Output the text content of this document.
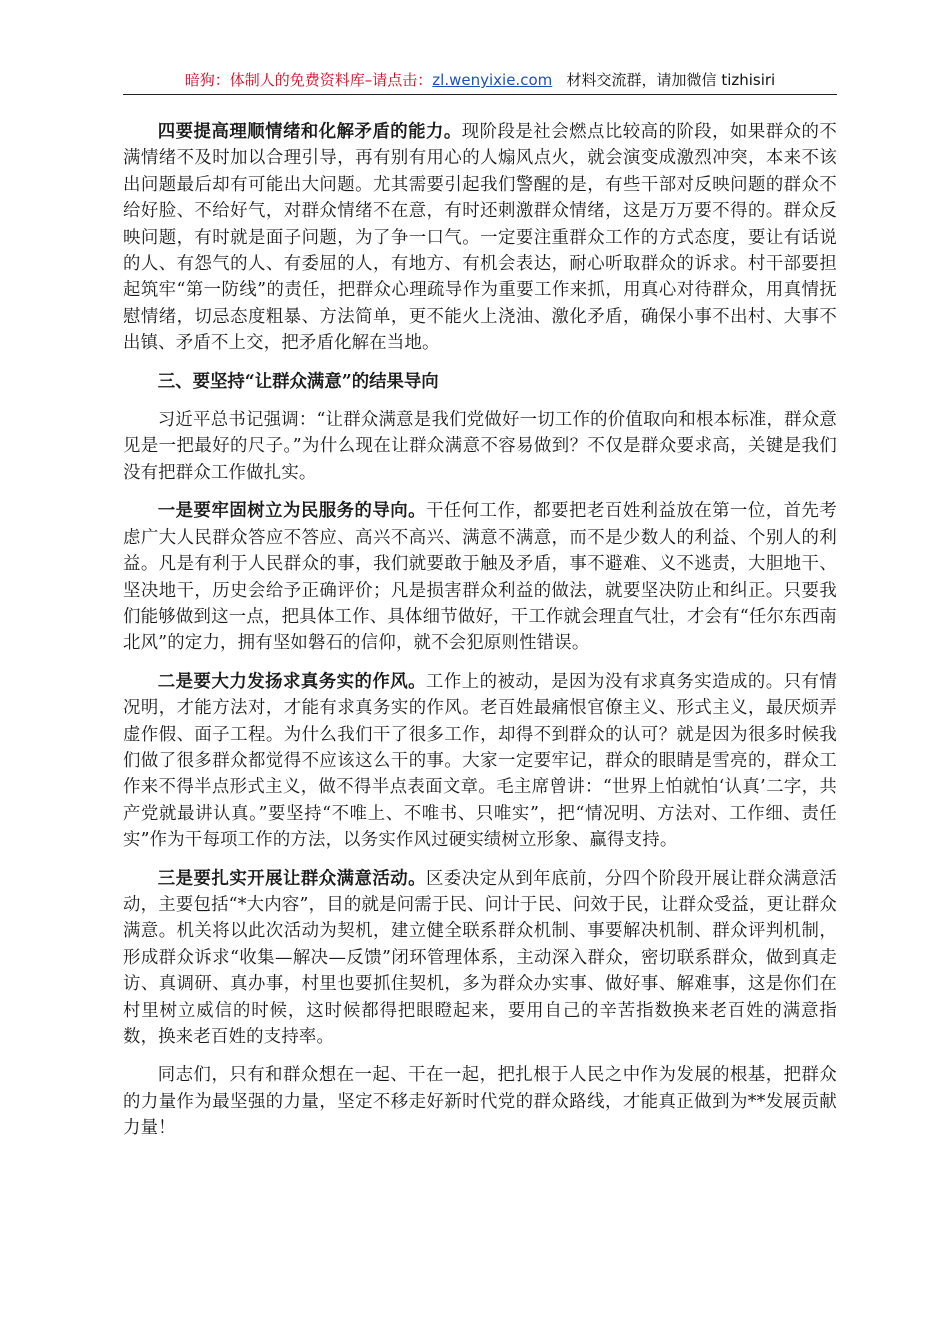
暗狗：体制人的免费资料库–请点击：zl.wenyixie.com 材料交流群，请加微信 tizhisiri

四要提高理顺情绪和化解矛盾的能力。现阶段是社会燃点比较高的阶段，如果群众的不满情绪不及时加以合理引导，再有别有用心的人煽风点火，就会演变成激烈冲突，本来不该出问题最后却有可能出大问题。尤其需要引起我们警醒的是，有些干部对反映问题的群众不给好脸、不给好气，对群众情绪不在意，有时还刺激群众情绪，这是万万要不得的。群众反映问题，有时就是面子问题，为了争一口气。一定要注重群众工作的方式态度，要让有话说的人、有怨气的人、有委屈的人，有地方、有机会表达，耐心听取群众的诉求。村干部要担起筑牢“第一防线”的责任，把群众心理疏导作为重要工作来抓，用真心对待群众，用真情抚慰情绪，切忌态度粗暴、方法简单，更不能火上浇油、激化矛盾，确保小事不出村、大事不出镇、矛盾不上交，把矛盾化解在当地。

三、要坚持“让群众满意”的结果导向

习近平总书记强调：“让群众满意是我们党做好一切工作的价值取向和根本标准，群众意见是一把最好的尺子。”为什么现在让群众满意不容易做到？不仅是群众要求高，关键是我们没有把群众工作做扎实。

一是要牢固树立为民服务的导向。干任何工作，都要把老百姓利益放在第一位，首先考虑广大人民群众答应不答应、高兴不高兴、满意不满意，而不是少数人的利益、个别人的利益。凡是有利于人民群众的事，我们就要敢于触及矛盾，事不避难、义不逃责，大胆地干、坚决地干，历史会给予正确评价；凡是损害群众利益的做法，就要坚决防止和纠正。只要我们能够做到这一点，把具体工作、具体细节做好，干工作就会理直气壮，才会有“任尔东西南北风”的定力，拥有坚如磐石的信仰，就不会犯原则性错误。

二是要大力发扬求真务实的作风。工作上的被动，是因为没有求真务实造成的。只有情况明，才能方法对，才能有求真务实的作风。老百姓最痛恨官僚主义、形式主义，最厌烦弄虚作假、面子工程。为什么我们干了很多工作，却得不到群众的认可？就是因为很多时候我们做了很多群众都觉得不应该这么干的事。大家一定要牢记，群众的眼睛是雪亮的，群众工作来不得半点形式主义，做不得半点表面文章。毛主席曾讲：“世界上怕就怕‘认真’二字，共产党就最讲认真。”要坚持“不唯上、不唯书、只唯实”，把“情况明、方法对、工作细、责任实”作为干每项工作的方法，以务实作风过硬实绩树立形象、赢得支持。

三是要扎实开展让群众满意活动。区委决定从到年底前，分四个阶段开展让群众满意活动，主要包括“*大内容”，目的就是问需于民、问计于民、问效于民，让群众受益，更让群众满意。机关将以此次活动为契机，建立健全联系群众机制、事要解决机制、群众评判机制，形成群众诉求“收集—解决—反馈”闭环管理体系，主动深入群众，密切联系群众，做到真走访、真调研、真办事，村里也要抓住契机，多为群众办实事、做好事、解难事，这是你们在村里树立威信的时候，这时候都得把眼瞪起来，要用自己的辛苦指数换来老百姓的满意指数，换来老百姓的支持率。

同志们，只有和群众想在一起、干在一起，把扎根于人民之中作为发展的根基，把群众的力量作为最坚强的力量，坚定不移走好新时代党的群众路线，才能真正做到为**发展贡献力量！
